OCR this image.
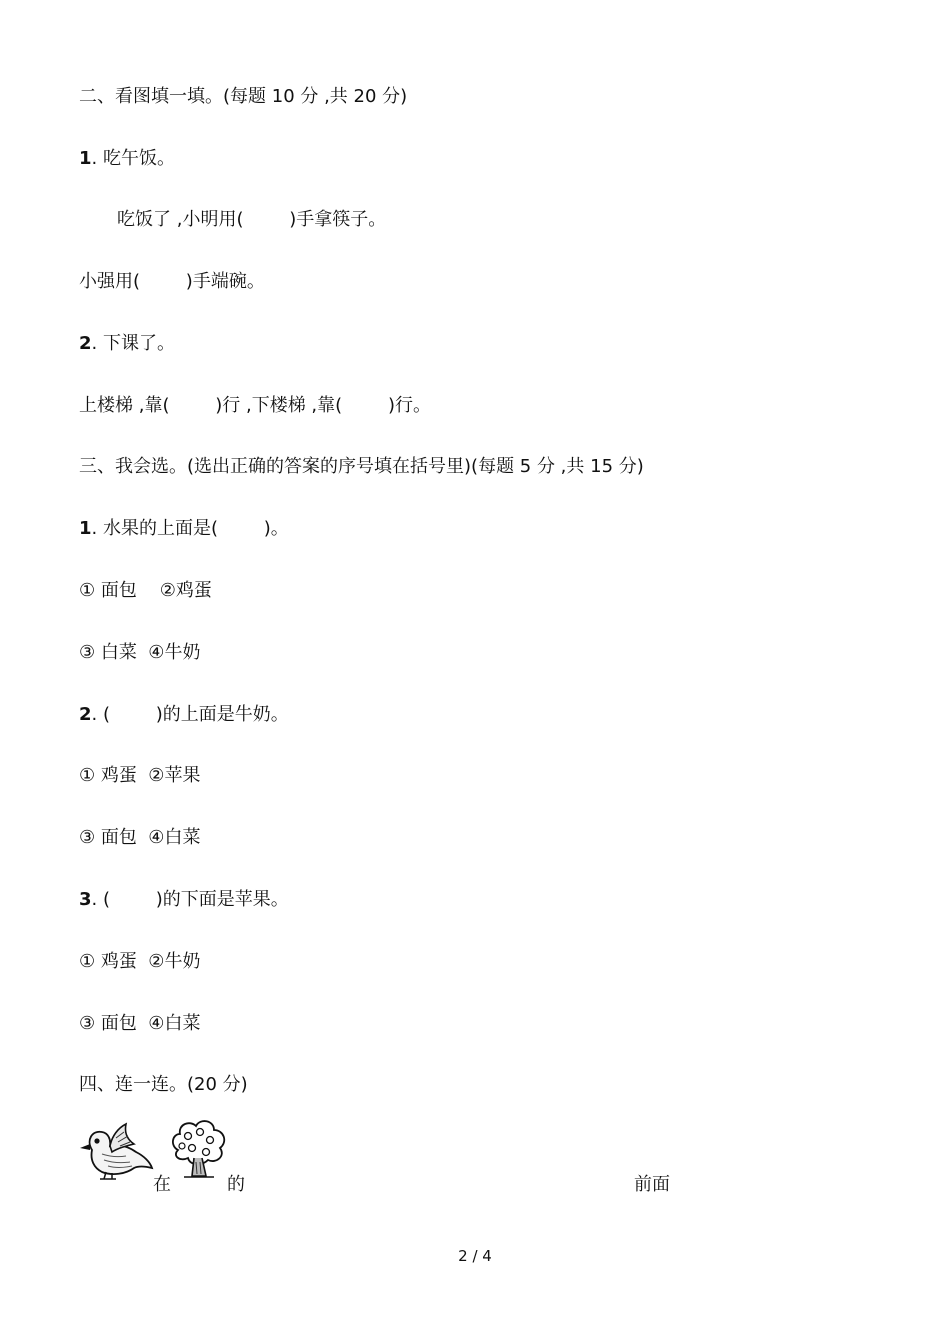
二、看图填一填。(每题 10 分 ,共 20 分)
1. 吃午饭。
吃饭了 ,小明用(        )手拿筷子。
小强用(        )手端碗。
2. 下课了。
上楼梯 ,靠(        )行 ,下楼梯 ,靠(        )行。
三、我会选。(选出正确的答案的序号填在括号里)(每题 5 分 ,共 15 分)
1. 水果的上面是(        )。
① 面包    ②鸡蛋
③ 白菜  ④牛奶
2. (        )的上面是牛奶。
① 鸡蛋  ②苹果
③ 面包  ④白菜
3. (        )的下面是苹果。
① 鸡蛋  ②牛奶
③ 面包  ④白菜
四、连一连。(20 分)
在	的	前面
2 / 4
